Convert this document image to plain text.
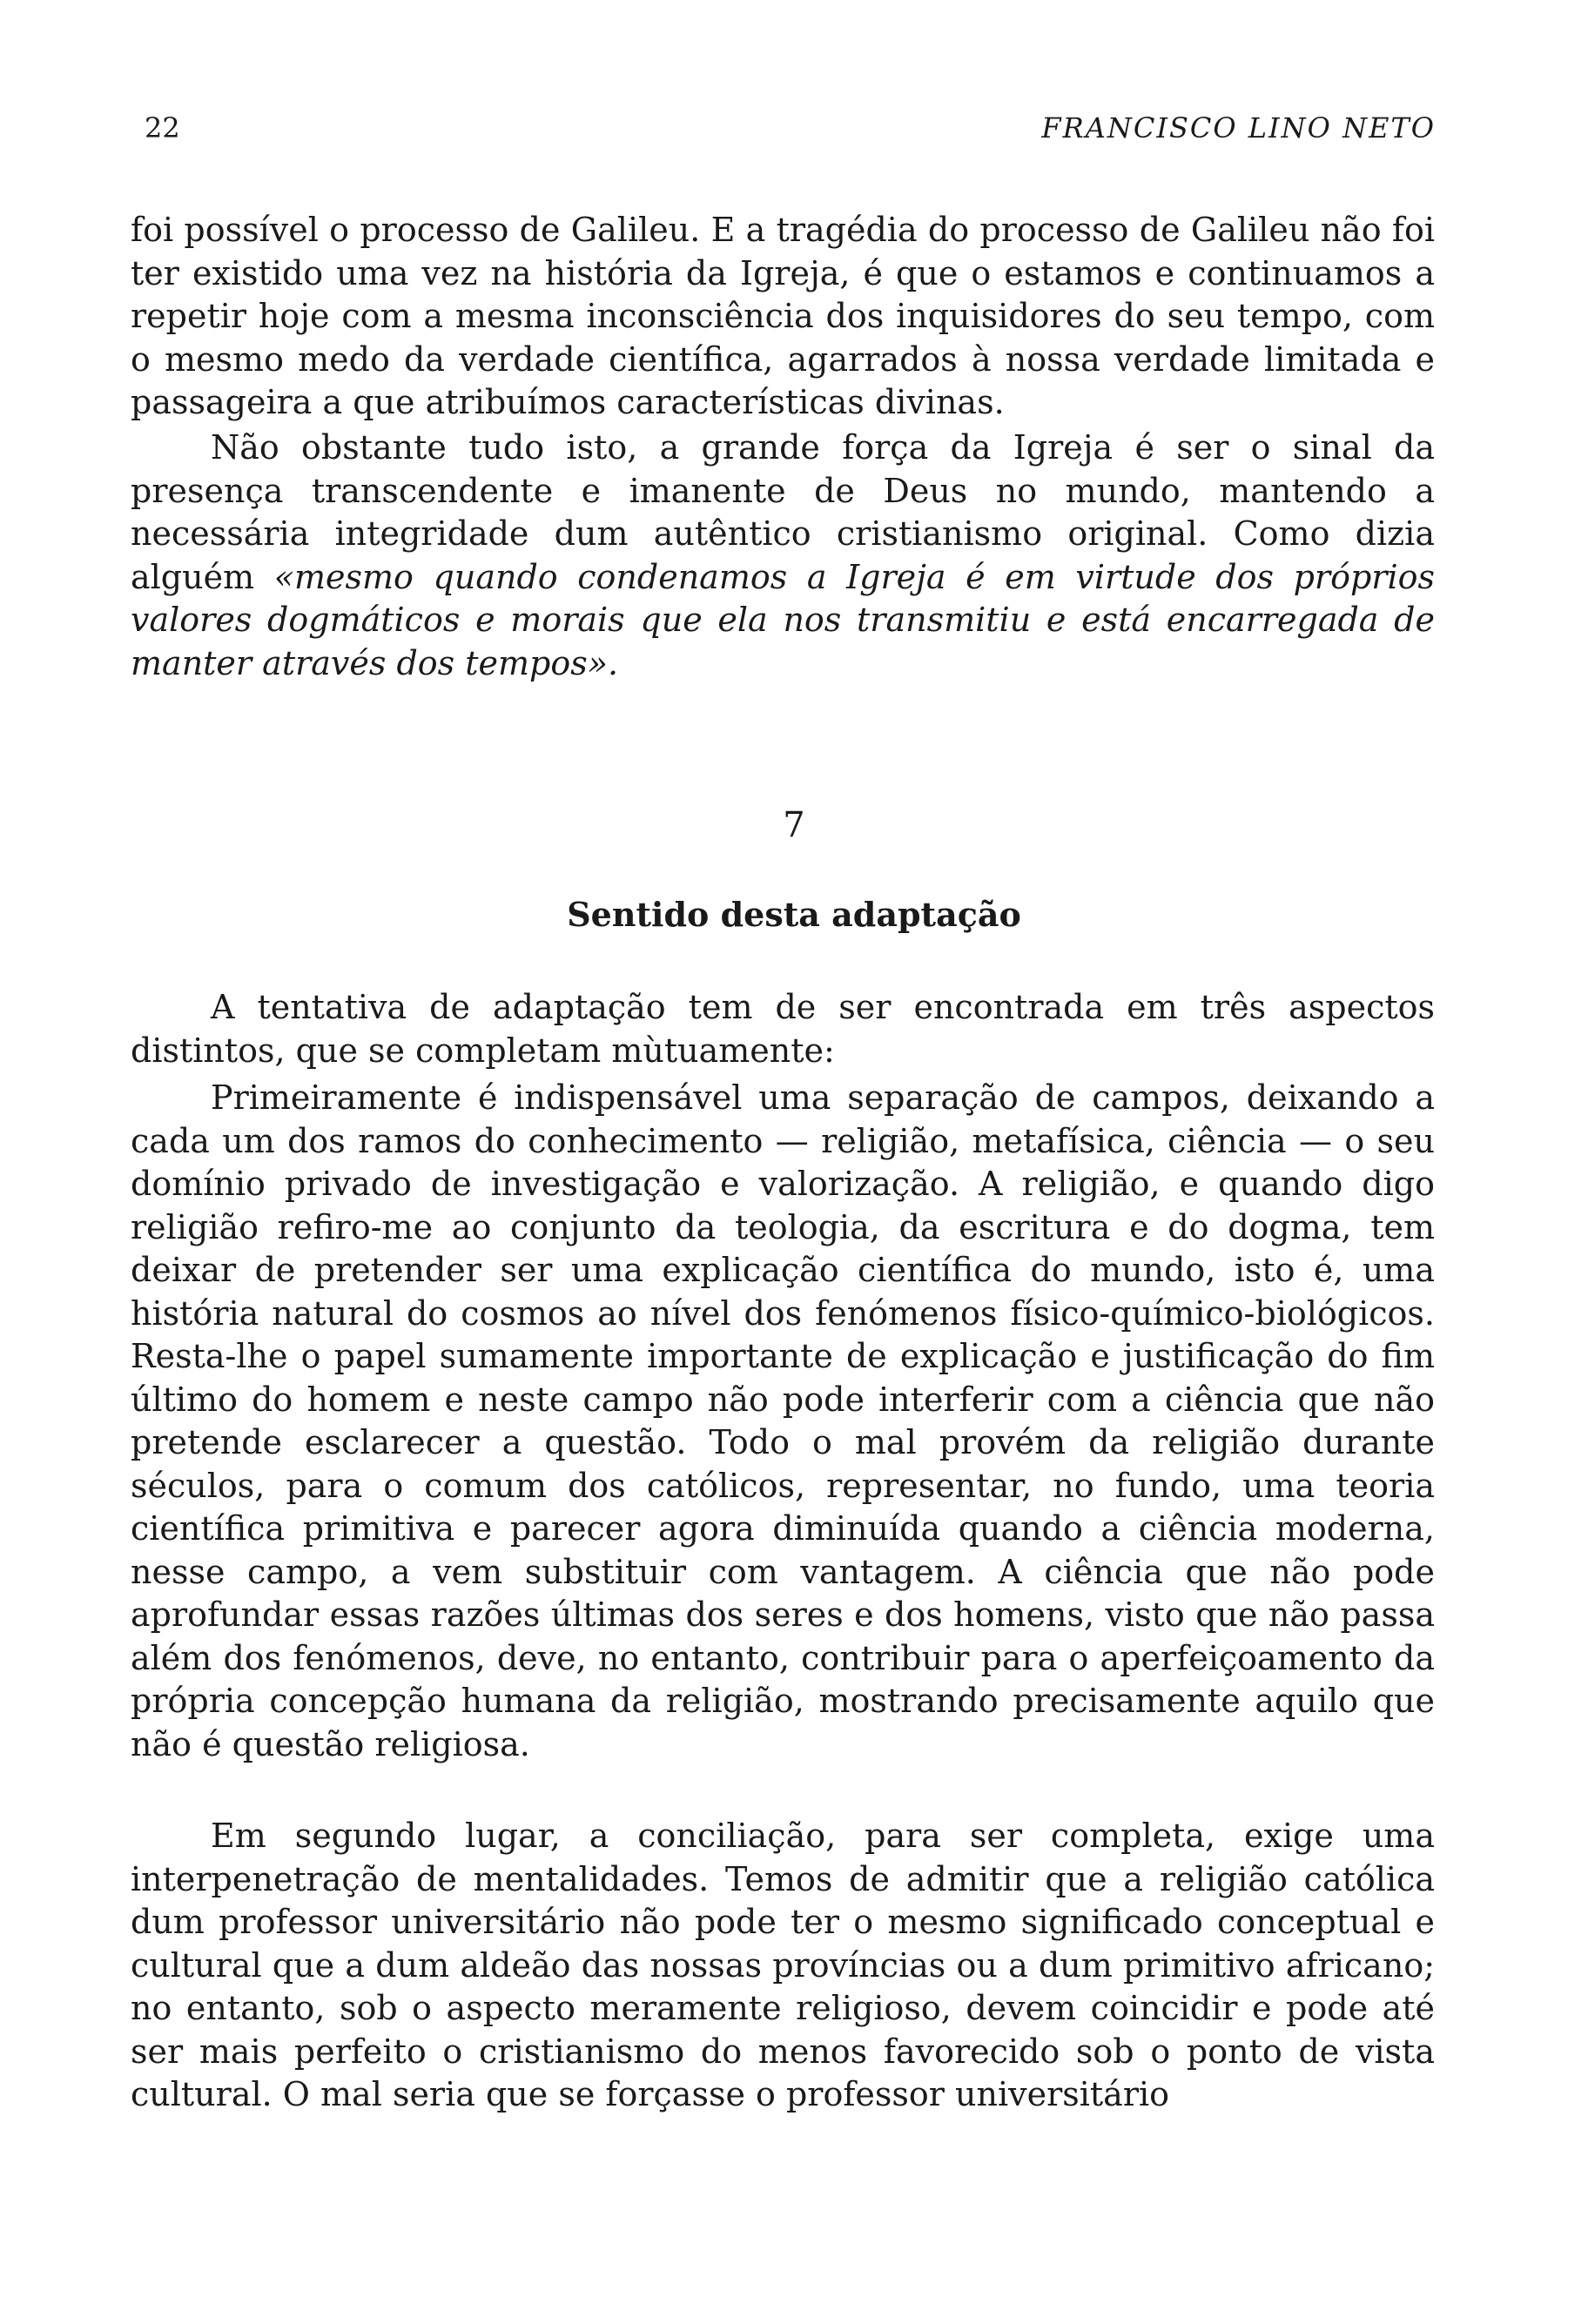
22	FRANCISCO LINO NETO

foi possível o processo de Galileu. E a tragédia do processo de Galileu não foi ter existido uma vez na história da Igreja, é que o estamos e continuamos a repetir hoje com a mesma inconsciência dos inquisidores do seu tempo, com o mesmo medo da verdade científica, agarrados à nossa verdade limitada e passageira a que atribuímos características divinas.

Não obstante tudo isto, a grande força da Igreja é ser o sinal da presença transcendente e imanente de Deus no mundo, mantendo a necessária integridade dum autêntico cristianismo original. Como dizia alguém «mesmo quando condenamos a Igreja é em virtude dos próprios valores dogmáticos e morais que ela nos transmitiu e está encarregada de manter através dos tempos».

7
Sentido desta adaptação

A tentativa de adaptação tem de ser encontrada em três aspectos distintos, que se completam mùtuamente:

Primeiramente é indispensável uma separação de campos, deixando a cada um dos ramos do conhecimento — religião, metafísica, ciência — o seu domínio privado de investigação e valorização. A religião, e quando digo religião refiro-me ao conjunto da teologia, da escritura e do dogma, tem deixar de pretender ser uma explicação científica do mundo, isto é, uma história natural do cosmos ao nível dos fenómenos físico-químico-biológicos. Resta-lhe o papel sumamente importante de explicação e justificação do fim último do homem e neste campo não pode interferir com a ciência que não pretende esclarecer a questão. Todo o mal provém da religião durante séculos, para o comum dos católicos, representar, no fundo, uma teoria científica primitiva e parecer agora diminuída quando a ciência moderna, nesse campo, a vem substituir com vantagem. A ciência que não pode aprofundar essas razões últimas dos seres e dos homens, visto que não passa além dos fenómenos, deve, no entanto, contribuir para o aperfeiçoamento da própria concepção humana da religião, mostrando precisamente aquilo que não é questão religiosa.

Em segundo lugar, a conciliação, para ser completa, exige uma interpenetração de mentalidades. Temos de admitir que a religião católica dum professor universitário não pode ter o mesmo significado conceptual e cultural que a dum aldeão das nossas províncias ou a dum primitivo africano; no entanto, sob o aspecto meramente religioso, devem coincidir e pode até ser mais perfeito o cristianismo do menos favorecido sob o ponto de vista cultural. O mal seria que se forçasse o professor universitário
